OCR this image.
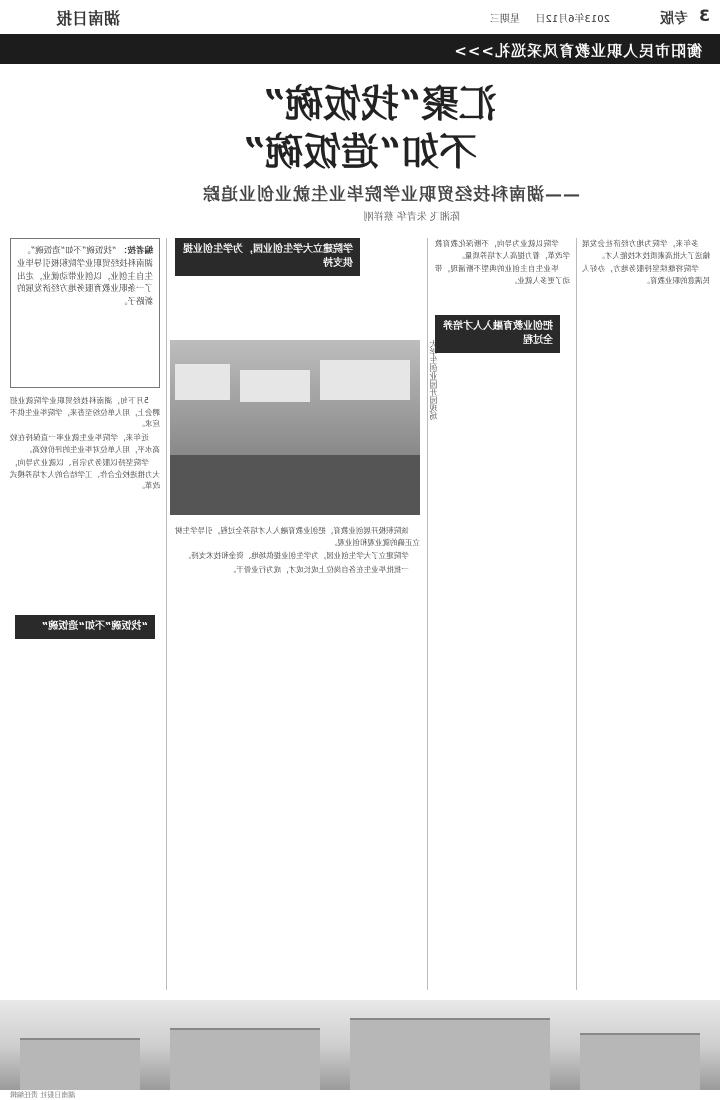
3
专版
2013年6月12日
星期三
湖南日报
衡阳市民人职业教育风采巡礼>>>
汇聚“找饭碗”
不如“造饭碗”
——湖南科技经贸职业学院毕业生就业创业追踪
陈湘飞 朱青华 蔡祥刚
编者按： “找饭碗”不如“造饭碗”。湖南科技经贸职业学院积极引导毕业生自主创业，以创业带动就业，走出了一条职业教育服务地方经济发展的新路子。

5月下旬，湖南科技经贸职业学院就业招聘会上，用人单位纷至沓来，学院毕业生供不应求。

近年来，学院毕业生就业率一直保持在较高水平，用人单位对毕业生的评价较高。

学院坚持以服务为宗旨、以就业为导向，大力推进校企合作、工学结合的人才培养模式改革。

该院积极开展创业教育，把创业教育融入人才培养全过程，引导学生树立正确的就业观和创业观。

学院建立了大学生创业园，为学生创业提供场地、资金和技术支持。

一批批毕业生在各自岗位上成长成才，成为行业骨干。

学院以就业为导向，不断深化教育教学改革，着力提高人才培养质量。

毕业生自主创业的典型不断涌现，带动了更多人就业。

多年来，学院为地方经济社会发展输送了大批高素质技术技能人才。

学院将继续坚持服务地方，办好人民满意的职业教育。

学院建立大学生创业园，为学生创业提供支持
把创业教育融入人才培养全过程
“找饭碗”不如“造饭碗”
大学生创业园开园现场
湖南日报社 责任编辑
